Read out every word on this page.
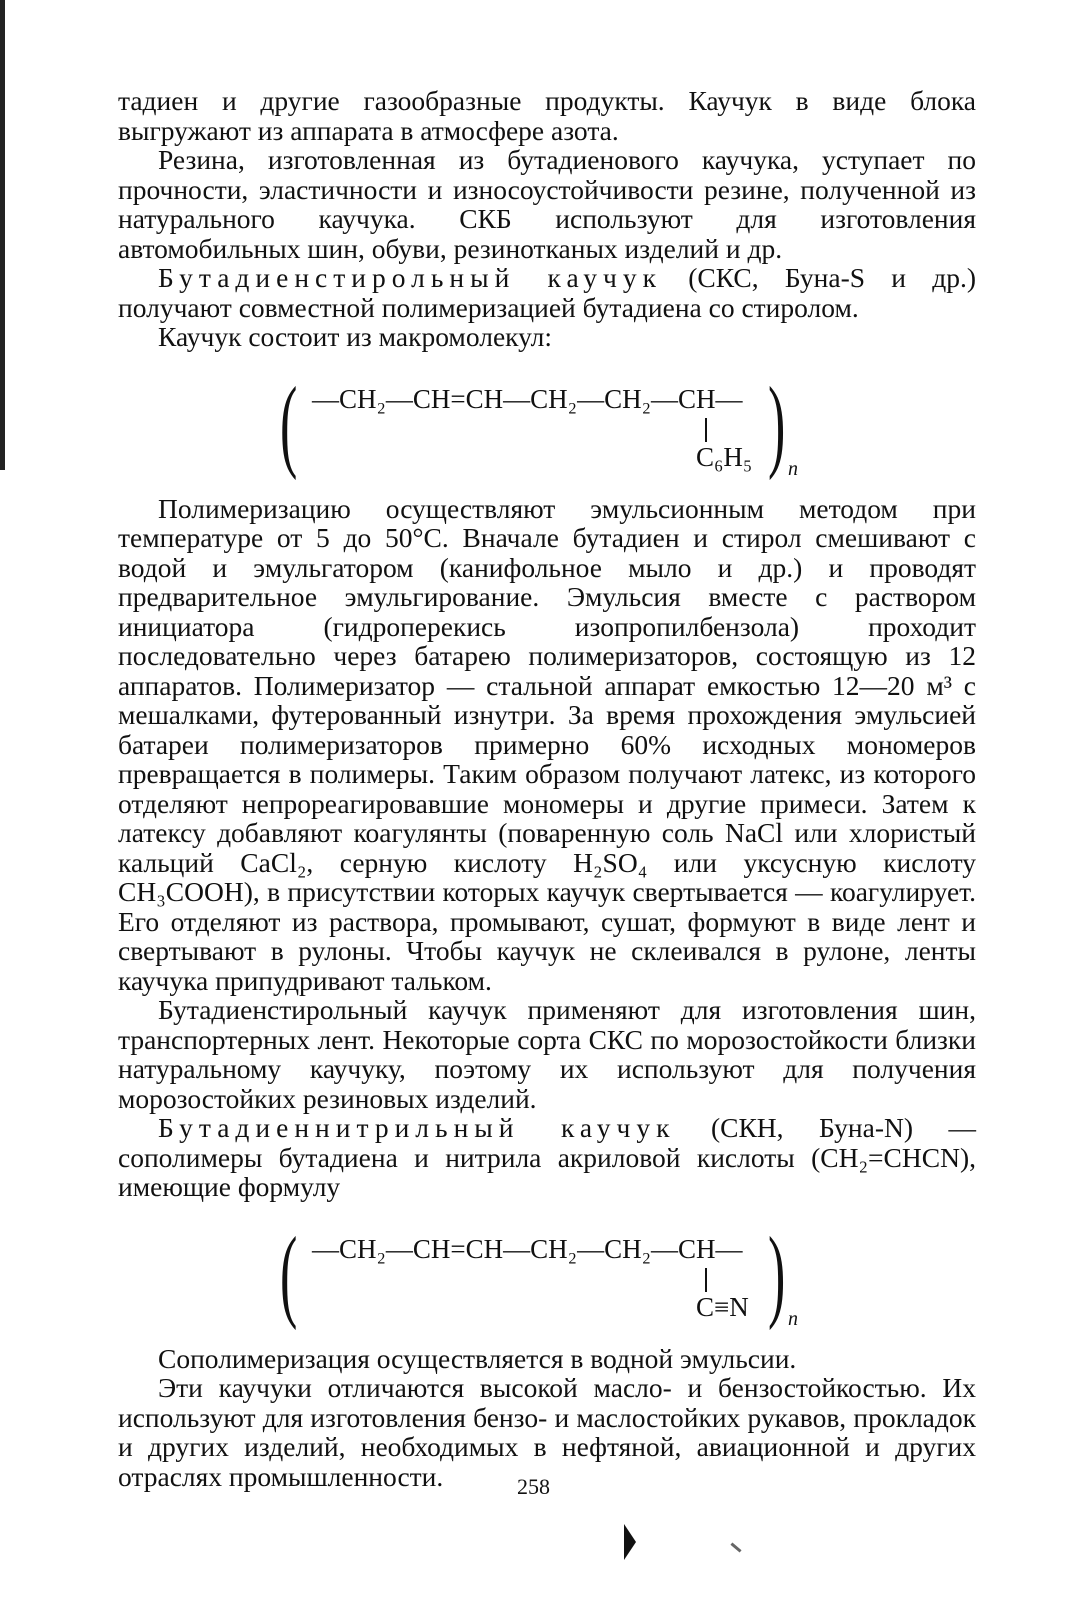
тадиен и другие газообразные продукты. Каучук в виде блока выгружают из аппарата в атмосфере азота.

Резина, изготовленная из бутадиенового каучука, уступает по прочности, эластичности и износоустойчивости резине, полученной из натурального каучука. СКБ используют для изготовления автомобильных шин, обуви, резинотканых изделий и др.

Бутадиенстирольный каучук (СКС, Буна-S и др.) получают совместной полимеризацией бутадиена со стиролом.

Каучук состоит из макромолекул:

( —CH₂—CH=CH—CH₂—CH₂—CH—
C₆H₅ ) n

Полимеризацию осуществляют эмульсионным методом при температуре от 5 до 50°С. Вначале бутадиен и стирол смешивают с водой и эмульгатором (канифольное мыло и др.) и проводят предварительное эмульгирование. Эмульсия вместе с раствором инициатора (гидроперекись изопропилбензола) проходит последовательно через батарею полимеризаторов, состоящую из 12 аппаратов. Полимеризатор — стальной аппарат емкостью 12—20 м³ с мешалками, футерованный изнутри. За время прохождения эмульсией батареи полимеризаторов примерно 60% исходных мономеров превращается в полимеры. Таким образом получают латекс, из которого отделяют непрореагировавшие мономеры и другие примеси. Затем к латексу добавляют коагулянты (поваренную соль NaCl или хлористый кальций CaCl₂, серную кислоту H₂SO₄ или уксусную кислоту CH₃COOH), в присутствии которых каучук свертывается — коагулирует. Его отделяют из раствора, промывают, сушат, формуют в виде лент и свертывают в рулоны. Чтобы каучук не склеивался в рулоне, ленты каучука припудривают тальком.

Бутадиенстирольный каучук применяют для изготовления шин, транспортерных лент. Некоторые сорта СКС по морозостойкости близки натуральному каучуку, поэтому их используют для получения морозостойких резиновых изделий.

Бутадиеннитрильный каучук (СКН, Буна-N) — сополимеры бутадиена и нитрила акриловой кислоты (CH₂=CHCN), имеющие формулу

( —CH₂—CH=CH—CH₂—CH₂—CH—
C≡N ) n

Сополимеризация осуществляется в водной эмульсии.

Эти каучуки отличаются высокой масло- и бензостойкостью. Их используют для изготовления бензо- и маслостойких рукавов, прокладок и других изделий, необходимых в нефтяной, авиационной и других отраслях промышленности.	258
